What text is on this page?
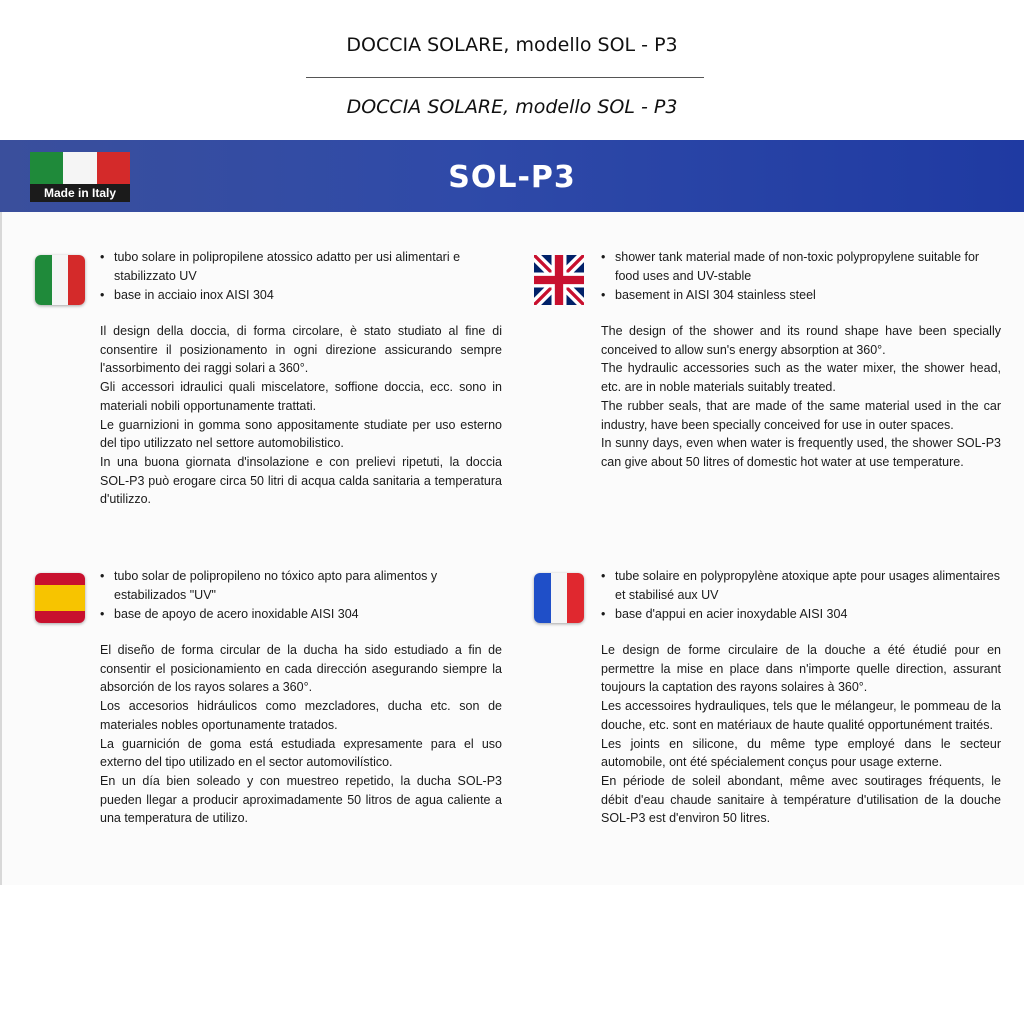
DOCCIA SOLARE, modello SOL - P3
DOCCIA SOLARE, modello SOL - P3
Made in Italy	SOL-P3
• tubo solare in polipropilene atossico adatto per usi alimentari e stabilizzato UV
• base in acciaio inox AISI 304

Il design della doccia, di forma circolare, è stato studiato al fine di consentire il posizionamento in ogni direzione assicurando sempre l'assorbimento dei raggi solari a 360°.

Gli accessori idraulici quali miscelatore, soffione doccia, ecc. sono in materiali nobili opportunamente trattati.

Le guarnizioni in gomma sono appositamente studiate per uso esterno del tipo utilizzato nel settore automobilistico.

In una buona giornata d'insolazione e con prelievi ripetuti, la doccia SOL-P3 può erogare circa 50 litri di acqua calda sanitaria a temperatura d'utilizzo.

• shower tank material made of non-toxic polypropylene suitable for food uses and UV-stable
• basement in AISI 304 stainless steel

The design of the shower and its round shape have been specially conceived to allow sun's energy absorption at 360°.

The hydraulic accessories such as the water mixer, the shower head, etc. are in noble materials suitably treated.

The rubber seals, that are made of the same material used in the car industry, have been specially conceived for use in outer spaces.

In sunny days, even when water is frequently used, the shower SOL-P3 can give about 50 litres of domestic hot water at use temperature.

• tubo solar de polipropileno no tóxico apto para alimentos y estabilizados "UV"
• base de apoyo de acero inoxidable AISI 304

El diseño de forma circular de la ducha ha sido estudiado a fin de consentir el posicionamiento en cada dirección asegurando siempre la absorción de los rayos solares a 360°.

Los accesorios hidráulicos como mezcladores, ducha etc. son de materiales nobles oportunamente tratados.

La guarnición de goma está estudiada expresamente para el uso externo del tipo utilizado en el sector automovilístico.

En un día bien soleado y con muestreo repetido, la ducha SOL-P3 pueden llegar a producir aproximadamente 50 litros de agua caliente a una temperatura de utilizo.

• tube solaire en polypropylène atoxique apte pour usages alimentaires et stabilisé aux UV
• base d'appui en acier inoxydable AISI 304

Le design de forme circulaire de la douche a été étudié pour en permettre la mise en place dans n'importe quelle direction, assurant toujours la captation des rayons solaires à 360°.

Les accessoires hydrauliques, tels que le mélangeur, le pommeau de la douche, etc. sont en matériaux de haute qualité opportunément traités.

Les joints en silicone, du même type employé dans le secteur automobile, ont été spécialement conçus pour usage externe.

En période de soleil abondant, même avec soutirages fréquents, le débit d'eau chaude sanitaire à température d'utilisation de la douche SOL-P3 est d'environ 50 litres.
